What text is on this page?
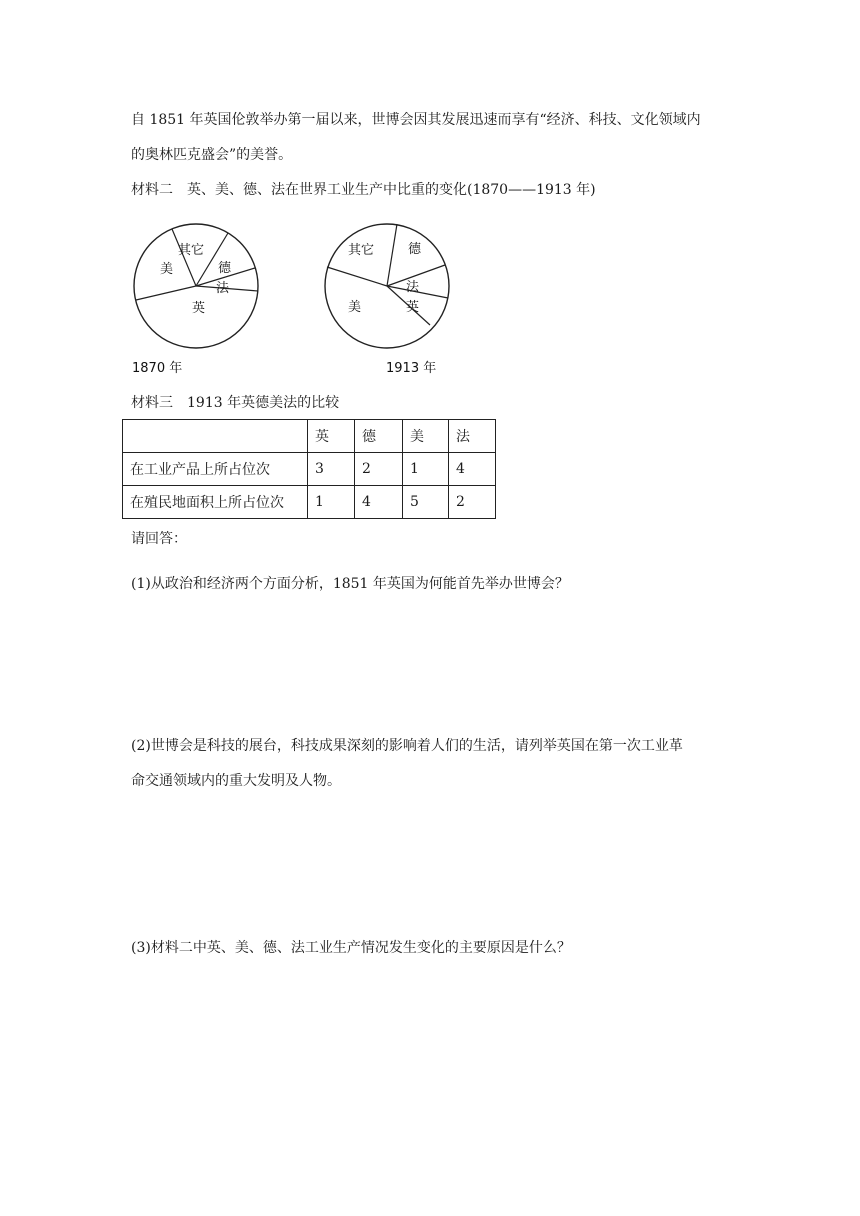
自 1851 年英国伦敦举办第一届以来，世博会因其发展迅速而享有“经济、科技、文化领域内

的奥林匹克盛会”的美誉。

材料二　英、美、德、法在世界工业生产中比重的变化(1870——1913 年)

其它
德
法
英
美
1870 年
其它	德
法
英
美
1913 年

材料三　1913 年英德美法的比较

	英	德	美	法
在工业产品上所占位次	3	2	1	4
在殖民地面积上所占位次	1	4	5	2

请回答：

(1)从政治和经济两个方面分析，1851 年英国为何能首先举办世博会？

(2)世博会是科技的展台，科技成果深刻的影响着人们的生活，请列举英国在第一次工业革

命交通领域内的重大发明及人物。

(3)材料二中英、美、德、法工业生产情况发生变化的主要原因是什么？
